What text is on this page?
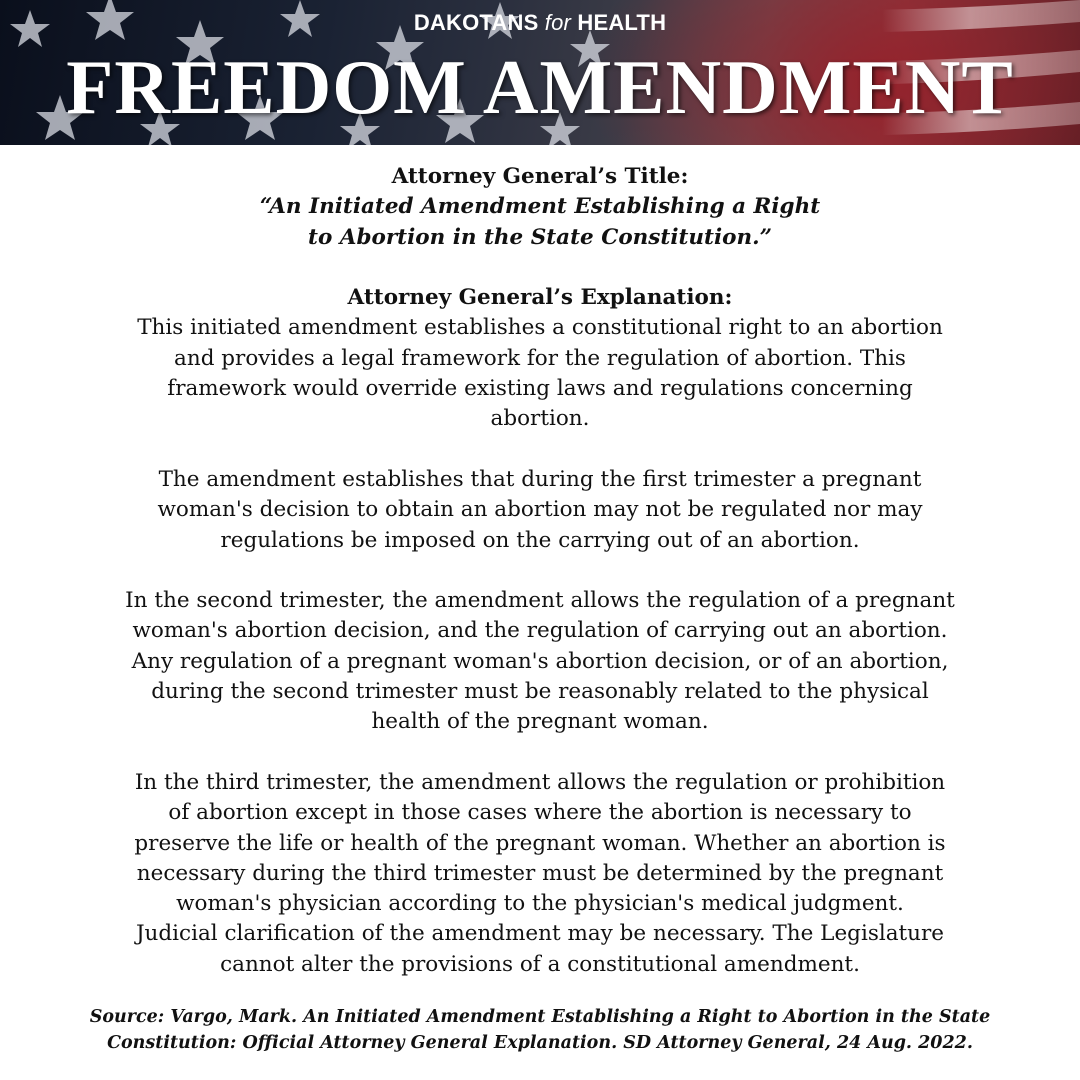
DAKOTANS for HEALTH
FREEDOM AMENDMENT
Attorney General’s Title:
“An Initiated Amendment Establishing a Right
to Abortion in the State Constitution.”
Attorney General’s Explanation:
This initiated amendment establishes a constitutional right to an abortion
and provides a legal framework for the regulation of abortion. This
framework would override existing laws and regulations concerning
abortion.
The amendment establishes that during the first trimester a pregnant
woman's decision to obtain an abortion may not be regulated nor may
regulations be imposed on the carrying out of an abortion.
In the second trimester, the amendment allows the regulation of a pregnant
woman's abortion decision, and the regulation of carrying out an abortion.
Any regulation of a pregnant woman's abortion decision, or of an abortion,
during the second trimester must be reasonably related to the physical
health of the pregnant woman.
In the third trimester, the amendment allows the regulation or prohibition
of abortion except in those cases where the abortion is necessary to
preserve the life or health of the pregnant woman. Whether an abortion is
necessary during the third trimester must be determined by the pregnant
woman's physician according to the physician's medical judgment.
Judicial clarification of the amendment may be necessary. The Legislature
cannot alter the provisions of a constitutional amendment.
Source: Vargo, Mark. An Initiated Amendment Establishing a Right to Abortion in the State
Constitution: Official Attorney General Explanation. SD Attorney General, 24 Aug. 2022.
